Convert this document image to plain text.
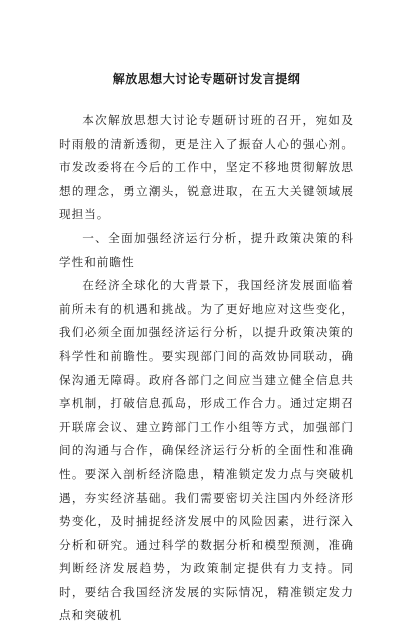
解放思想大讨论专题研讨发言提纲

本次解放思想大讨论专题研讨班的召开，宛如及时雨般的清新透彻，更是注入了振奋人心的强心剂。市发改委将在今后的工作中，坚定不移地贯彻解放思想的理念，勇立潮头，锐意进取，在五大关键领域展现担当。

一、全面加强经济运行分析，提升政策决策的科学性和前瞻性

在经济全球化的大背景下，我国经济发展面临着前所未有的机遇和挑战。为了更好地应对这些变化，我们必须全面加强经济运行分析，以提升政策决策的科学性和前瞻性。要实现部门间的高效协同联动，确保沟通无障碍。政府各部门之间应当建立健全信息共享机制，打破信息孤岛，形成工作合力。通过定期召开联席会议、建立跨部门工作小组等方式，加强部门间的沟通与合作，确保经济运行分析的全面性和准确性。要深入剖析经济隐患，精准锁定发力点与突破机遇，夯实经济基础。我们需要密切关注国内外经济形势变化，及时捕捉经济发展中的风险因素，进行深入分析和研究。通过科学的数据分析和模型预测，准确判断经济发展趋势，为政策制定提供有力支持。同时，要结合我国经济发展的实际情况，精准锁定发力点和突破机
